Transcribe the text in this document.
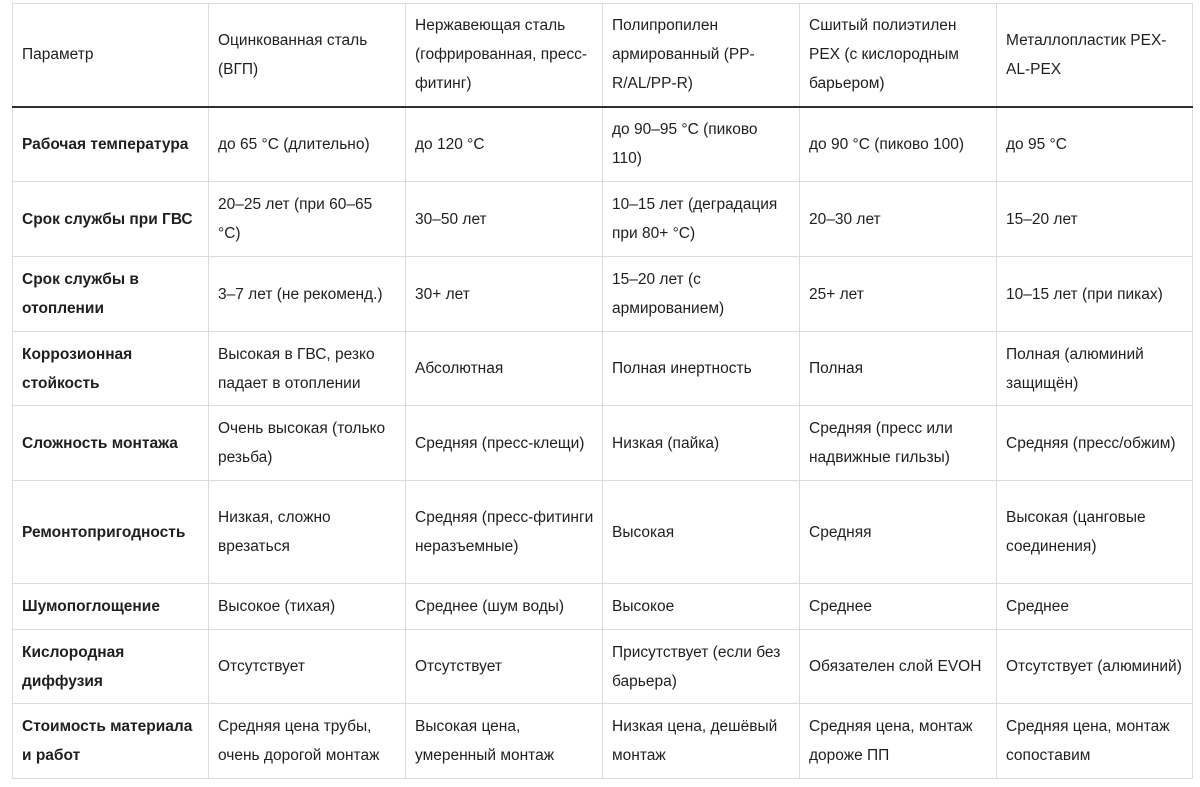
Параметр	Оцинкованная сталь (ВГП)	Нержавеющая сталь (гофрированная, пресс-фитинг)	Полипропилен армированный (PP-R/AL/PP-R)	Сшитый полиэтилен PEX (с кислородным барьером)	Металлопластик PEX-AL-PEX
Рабочая температура	до 65 °C (длительно)	до 120 °C	до 90–95 °C (пиково 110)	до 90 °C (пиково 100)	до 95 °C
Срок службы при ГВС	20–25 лет (при 60–65 °C)	30–50 лет	10–15 лет (деградация при 80+ °C)	20–30 лет	15–20 лет
Срок службы в отоплении	3–7 лет (не рекоменд.)	30+ лет	15–20 лет (с армированием)	25+ лет	10–15 лет (при пиках)
Коррозионная стойкость	Высокая в ГВС, резко падает в отоплении	Абсолютная	Полная инертность	Полная	Полная (алюминий защищён)
Сложность монтажа	Очень высокая (только резьба)	Средняя (пресс-клещи)	Низкая (пайка)	Средняя (пресс или надвижные гильзы)	Средняя (пресс/обжим)
Ремонтопригодность	Низкая, сложно врезаться	Средняя (пресс-фитинги неразъемные)	Высокая	Средняя	Высокая (цанговые соединения)
Шумопоглощение	Высокое (тихая)	Среднее (шум воды)	Высокое	Среднее	Среднее
Кислородная диффузия	Отсутствует	Отсутствует	Присутствует (если без барьера)	Обязателен слой EVOH	Отсутствует (алюминий)
Стоимость материала и работ	Средняя цена трубы, очень дорогой монтаж	Высокая цена, умеренный монтаж	Низкая цена, дешёвый монтаж	Средняя цена, монтаж дороже ПП	Средняя цена, монтаж сопоставим
